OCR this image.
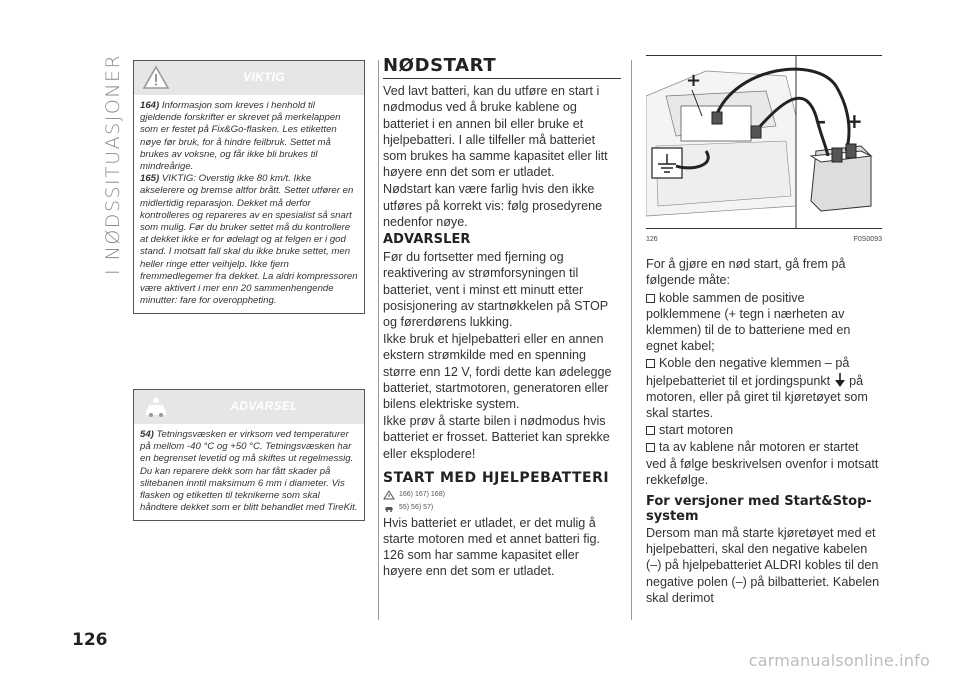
I NØDSSITUASJONER
126
VIKTIG

164) Informasjon som kreves i henhold til gjeldende forskrifter er skrevet på merkelappen som er festet på Fix&Go-flasken. Les etiketten nøye før bruk, for å hindre feilbruk. Settet må brukes av voksne, og får ikke bli brukes til mindreårige.

165) VIKTIG: Overstig ikke 80 km/t. Ikke akselerere og bremse altfor brått. Settet utfører en midlertidig reparasjon. Dekket må derfor kontrolleres og repareres av en spesialist så snart som mulig. Før du bruker settet må du kontrollere at dekket ikke er for ødelagt og at felgen er i god stand. I motsatt fall skal du ikke bruke settet, men heller ringe etter veihjelp. Ikke fjern fremmedlegemer fra dekket. La aldri kompressoren være aktivert i mer enn 20 sammenhengende minutter: fare for overoppheting.

ADVARSEL

54) Tetningsvæsken er virksom ved temperaturer på mellom -40 °C og +50 °C. Tetningsvæsken har en begrenset levetid og må skiftes ut regelmessig. Du kan reparere dekk som har fått skader på slitebanen inntil maksimum 6 mm i diameter. Vis flasken og etiketten til teknikerne som skal håndtere dekket som er blitt behandlet med TireKit.

NØDSTART

Ved lavt batteri, kan du utføre en start i nødmodus ved å bruke kablene og batteriet i en annen bil eller bruke et hjelpebatteri. I alle tilfeller må batteriet som brukes ha samme kapasitet eller litt høyere enn det som er utladet.

Nødstart kan være farlig hvis den ikke utføres på korrekt vis: følg prosedyrene nedenfor nøye.

ADVARSLER

Før du fortsetter med fjerning og reaktivering av strømforsyningen til batteriet, vent i minst ett minutt etter posisjonering av startnøkkelen på STOP og førerdørens lukking.

Ikke bruk et hjelpebatteri eller en annen ekstern strømkilde med en spenning større enn 12 V, fordi dette kan ødelegge batteriet, startmotoren, generatoren eller bilens elektriske system.

Ikke prøv å starte bilen i nødmodus hvis batteriet er frosset. Batteriet kan sprekke eller eksplodere!

START MED HJELPEBATTERI
166) 167) 168)
55) 56) 57)

Hvis batteriet er utladet, er det mulig å starte motoren med et annet batteri fig. 126 som har samme kapasitet eller høyere enn det som er utladet.

+
– +
126	F0S0093

For å gjøre en nød start, gå frem på følgende måte:

koble sammen de positive polklemmene (+ tegn i nærheten av klemmen) til de to batteriene med en egnet kabel;

Koble den negative klemmen – på hjelpebatteriet til et jordingspunkt på motoren, eller på giret til kjøretøyet som skal startes.

start motoren

ta av kablene når motoren er startet ved å følge beskrivelsen ovenfor i motsatt rekkefølge.

For versjoner med Start&Stop-system

Dersom man må starte kjøretøyet med et hjelpebatteri, skal den negative kabelen (–) på hjelpebatteriet ALDRI kobles til den negative polen (–) på bilbatteriet. Kabelen skal derimot

carmanualsonline.info
